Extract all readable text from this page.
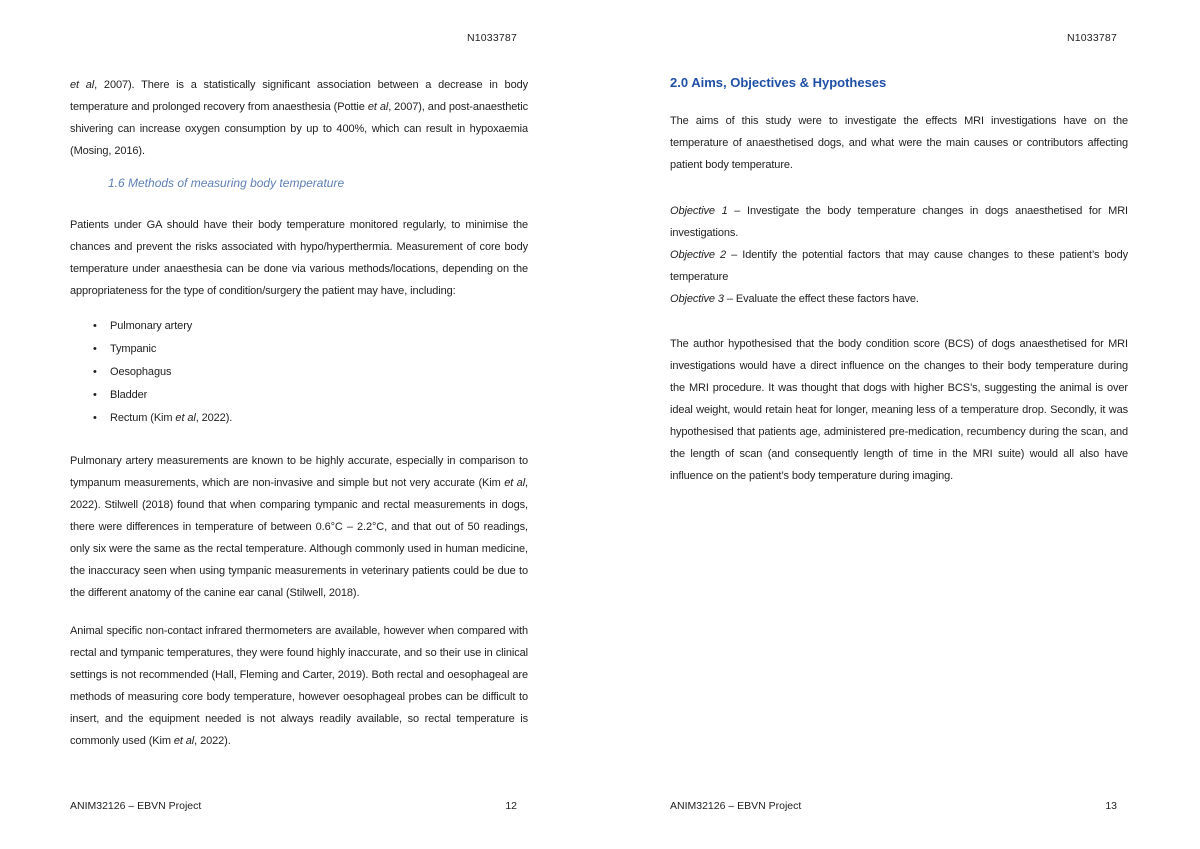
N1033787

et al, 2007). There is a statistically significant association between a decrease in body temperature and prolonged recovery from anaesthesia (Pottie et al, 2007), and post-anaesthetic shivering can increase oxygen consumption by up to 400%, which can result in hypoxaemia (Mosing, 2016).

1.6 Methods of measuring body temperature

Patients under GA should have their body temperature monitored regularly, to minimise the chances and prevent the risks associated with hypo/hyperthermia. Measurement of core body temperature under anaesthesia can be done via various methods/locations, depending on the appropriateness for the type of condition/surgery the patient may have, including:

• Pulmonary artery
• Tympanic
• Oesophagus
• Bladder
• Rectum (Kim et al, 2022).

Pulmonary artery measurements are known to be highly accurate, especially in comparison to tympanum measurements, which are non-invasive and simple but not very accurate (Kim et al, 2022). Stilwell (2018) found that when comparing tympanic and rectal measurements in dogs, there were differences in temperature of between 0.6°C – 2.2°C, and that out of 50 readings, only six were the same as the rectal temperature. Although commonly used in human medicine, the inaccuracy seen when using tympanic measurements in veterinary patients could be due to the different anatomy of the canine ear canal (Stilwell, 2018).

Animal specific non-contact infrared thermometers are available, however when compared with rectal and tympanic temperatures, they were found highly inaccurate, and so their use in clinical settings is not recommended (Hall, Fleming and Carter, 2019). Both rectal and oesophageal are methods of measuring core body temperature, however oesophageal probes can be difficult to insert, and the equipment needed is not always readily available, so rectal temperature is commonly used (Kim et al, 2022).

ANIM32126 – EBVN Project	12
N1033787
2.0 Aims, Objectives & Hypotheses

The aims of this study were to investigate the effects MRI investigations have on the temperature of anaesthetised dogs, and what were the main causes or contributors affecting patient body temperature.

Objective 1 – Investigate the body temperature changes in dogs anaesthetised for MRI investigations.

Objective 2 – Identify the potential factors that may cause changes to these patient’s body temperature

Objective 3 – Evaluate the effect these factors have.

The author hypothesised that the body condition score (BCS) of dogs anaesthetised for MRI investigations would have a direct influence on the changes to their body temperature during the MRI procedure. It was thought that dogs with higher BCS’s, suggesting the animal is over ideal weight, would retain heat for longer, meaning less of a temperature drop. Secondly, it was hypothesised that patients age, administered pre-medication, recumbency during the scan, and the length of scan (and consequently length of time in the MRI suite) would all also have influence on the patient’s body temperature during imaging.

ANIM32126 – EBVN Project	13
